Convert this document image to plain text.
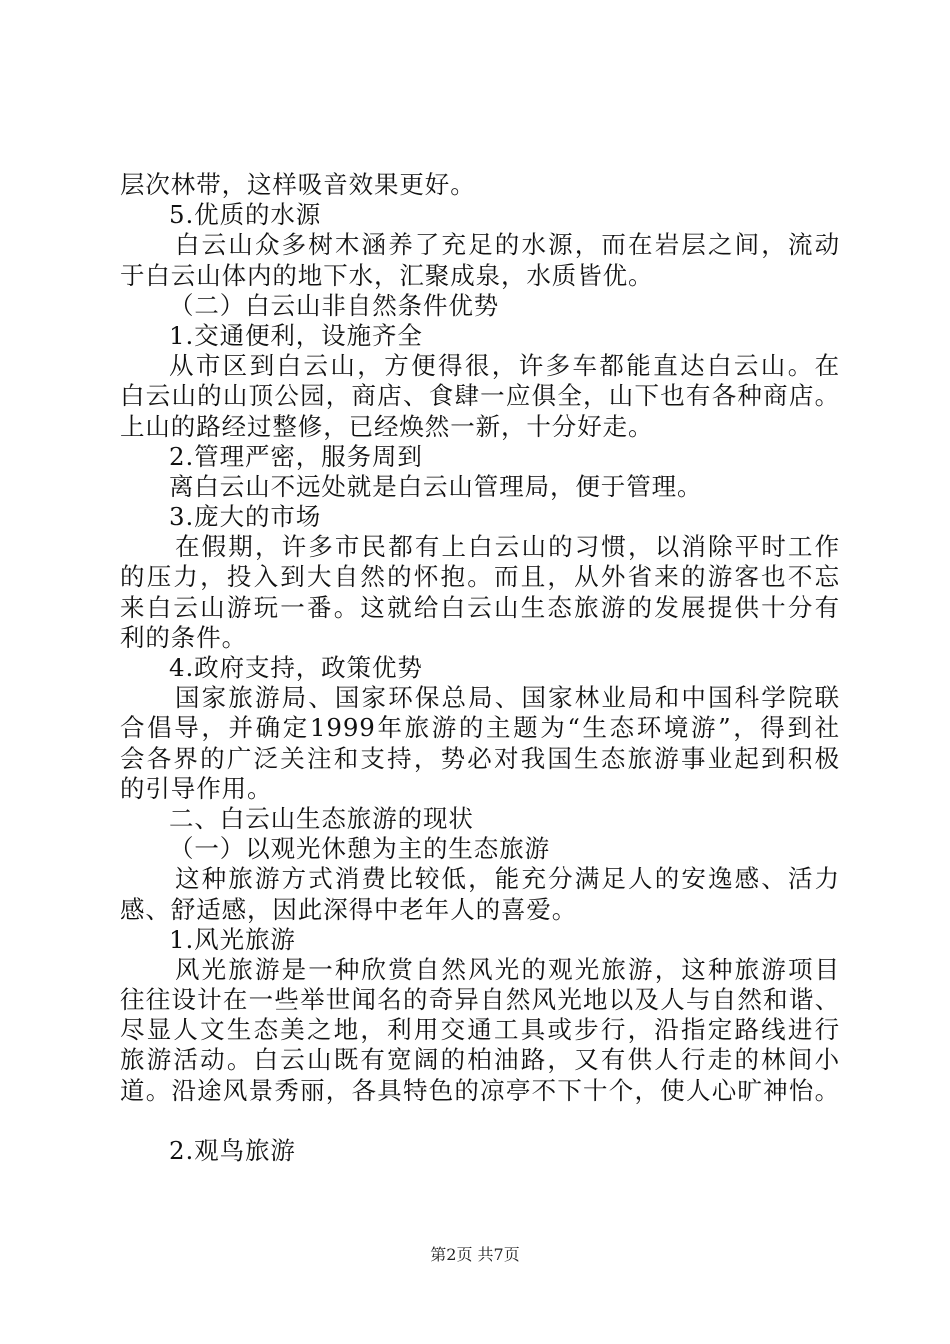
层次林带，这样吸音效果更好。
5.优质的水源
白云山众多树木涵养了充足的水源，而在岩层之间，流动
于白云山体内的地下水，汇聚成泉，水质皆优。
（二）白云山非自然条件优势
1.交通便利，设施齐全
从市区到白云山，方便得很，许多车都能直达白云山。在
白云山的山顶公园，商店、食肆一应俱全，山下也有各种商店。
上山的路经过整修，已经焕然一新，十分好走。
2.管理严密，服务周到
离白云山不远处就是白云山管理局，便于管理。
3.庞大的市场
在假期，许多市民都有上白云山的习惯，以消除平时工作
的压力，投入到大自然的怀抱。而且，从外省来的游客也不忘
来白云山游玩一番。这就给白云山生态旅游的发展提供十分有
利的条件。
4.政府支持，政策优势
国家旅游局、国家环保总局、国家林业局和中国科学院联
合倡导，并确定1999年旅游的主题为“生态环境游”，得到社
会各界的广泛关注和支持，势必对我国生态旅游事业起到积极
的引导作用。
二、白云山生态旅游的现状
（一）以观光休憩为主的生态旅游
这种旅游方式消费比较低，能充分满足人的安逸感、活力
感、舒适感，因此深得中老年人的喜爱。
1.风光旅游
风光旅游是一种欣赏自然风光的观光旅游，这种旅游项目
往往设计在一些举世闻名的奇异自然风光地以及人与自然和谐、
尽显人文生态美之地，利用交通工具或步行，沿指定路线进行
旅游活动。白云山既有宽阔的柏油路，又有供人行走的林间小
道。沿途风景秀丽，各具特色的凉亭不下十个，使人心旷神怡。
2.观鸟旅游
第2页 共7页
